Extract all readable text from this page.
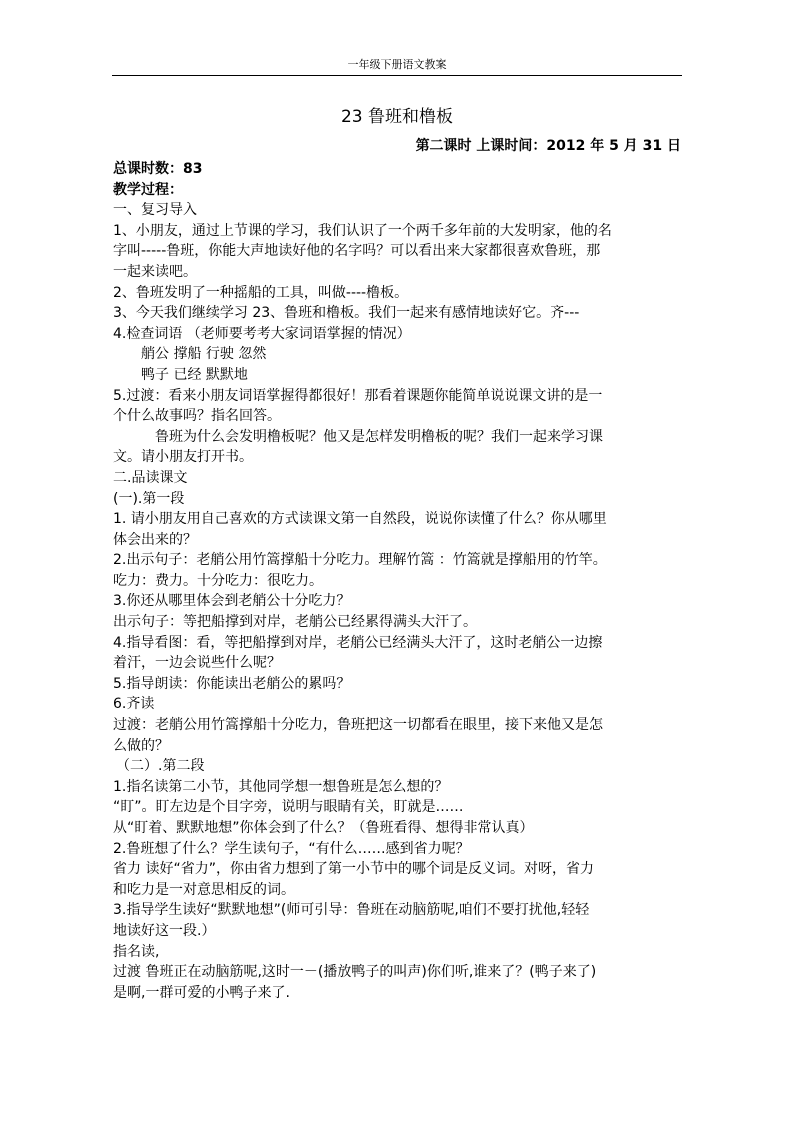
一年级下册语文教案
23 鲁班和橹板
第二课时 上课时间：2012 年 5 月 31 日
总课时数：83
教学过程：
一、复习导入
1、小朋友，通过上节课的学习，我们认识了一个两千多年前的大发明家，他的名
字叫-----鲁班，你能大声地读好他的名字吗？可以看出来大家都很喜欢鲁班，那
一起来读吧。
2、鲁班发明了一种摇船的工具，叫做----橹板。
3、今天我们继续学习 23、鲁班和橹板。我们一起来有感情地读好它。齐---
4.检查词语 （老师要考考大家词语掌握的情况）
艄公 撑船 行驶 忽然
鸭子 已经 默默地
5.过渡：看来小朋友词语掌握得都很好！那看着课题你能简单说说课文讲的是一
个什么故事吗？指名回答。
鲁班为什么会发明橹板呢？他又是怎样发明橹板的呢？我们一起来学习课
文。请小朋友打开书。
二.品读课文
(一).第一段
1. 请小朋友用自己喜欢的方式读课文第一自然段，说说你读懂了什么？你从哪里
体会出来的？
2.出示句子：老艄公用竹篙撑船十分吃力。理解竹篙 ：竹篙就是撑船用的竹竿。
吃力：费力。十分吃力：很吃力。
3.你还从哪里体会到老艄公十分吃力？
出示句子：等把船撑到对岸，老艄公已经累得满头大汗了。
4.指导看图：看，等把船撑到对岸，老艄公已经满头大汗了，这时老艄公一边擦
着汗，一边会说些什么呢？
5.指导朗读：你能读出老艄公的累吗？
6.齐读
过渡：老艄公用竹篙撑船十分吃力，鲁班把这一切都看在眼里，接下来他又是怎
么做的？
（二）.第二段
1.指名读第二小节，其他同学想一想鲁班是怎么想的？
“盯”。盯左边是个目字旁，说明与眼睛有关，盯就是……
从“盯着、默默地想”你体会到了什么？（鲁班看得、想得非常认真）
2.鲁班想了什么？学生读句子，“有什么……感到省力呢？
省力 读好“省力”，你由省力想到了第一小节中的哪个词是反义词。对呀，省力
和吃力是一对意思相反的词。
3.指导学生读好“默默地想”(师可引导：鲁班在动脑筋呢,咱们不要打扰他,轻轻
地读好这一段.）
指名读,
过渡 鲁班正在动脑筋呢,这时一－(播放鸭子的叫声)你们听,谁来了？(鸭子来了)
是啊,一群可爱的小鸭子来了.
